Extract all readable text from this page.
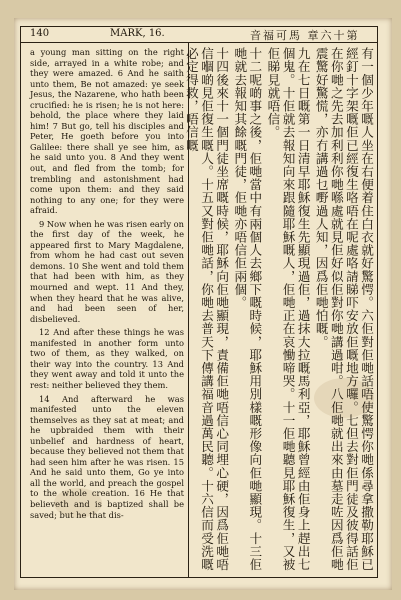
140	MARK, 16.	音福可馬 章六十第

a young man sitting on the right side, arrayed in a white robe; and they were amazed. 6 And he saith unto them, Be not amazed: ye seek Jesus, the Nazarene, who hath been crucified: he is risen; he is not here: behold, the place where they laid him! 7 But go, tell his disciples and Peter, He goeth before you into Galilee: there shall ye see him, as he said unto you. 8 And they went out, and fled from the tomb; for trembling and astonishment had come upon them: and they said nothing to any one; for they were afraid.

9 Now when he was risen early on the first day of the week, he appeared first to Mary Magdalene, from whom he had cast out seven demons. 10 She went and told them that had been with him, as they mourned and wept. 11 And they, when they heard that he was alive, and had been seen of her, disbelieved.

12 And after these things he was manifested in another form unto two of them, as they walked, on their way into the country. 13 And they went away and told it unto the rest: neither believed they them.

14 And afterward he was manifested unto the eleven themselves as they sat at meat; and he upbraided them with their unbelief and hardness of heart, because they believed not them that had seen him after he was risen. 15 And he said unto them, Go ye into all the world, and preach the gospel to the whole creation. 16 He that believeth and is baptized shall be saved; but he that dis-	有一個少年嘅人坐在右便着住白衣就好驚愕。六佢對佢哋話唔使驚愕你哋係尋拿撒勒耶穌已經釘十字架嘅佢已經復生咯唔在呢處咯請睇吓安放佢嘅地方囉。七但去對佢門徒及彼得話佢在你哋之先去加利利你哋喺處就見佢好似佢對你哋講過咁。八佢哋就出來由墓走咗因爲佢哋震驚好驚慌，亦冇講過乜嘢過人知，因爲佢哋怕嘅。

九在七日嘅第一日清早耶穌復生先顯現過佢，過抹大拉嘅馬利亞，耶穌曾經由佢身上趕出七個鬼。十佢就去報知向來跟隨耶穌嘅人，佢哋正在哀慟啼哭。十一佢哋聽見耶穌復生，又被佢睇見就唔信。

十二呢啲事之後，佢哋當中有兩個人去鄉下嘅時候，耶穌用別樣嘅形像向佢哋顯現。十三佢哋就去報知其餘嘅門徒，佢哋亦唔信佢兩個。

十四後來十一個門徒坐席嘅時候，耶穌向佢哋顯現，責備佢哋唔信心同埋心硬，因爲佢哋唔信嗰啲見佢復生嘅人。十五又對佢哋話，你哋去普天下傳講福音過萬民聽。十六信而受洗嘅必定得救，唔信嘅
